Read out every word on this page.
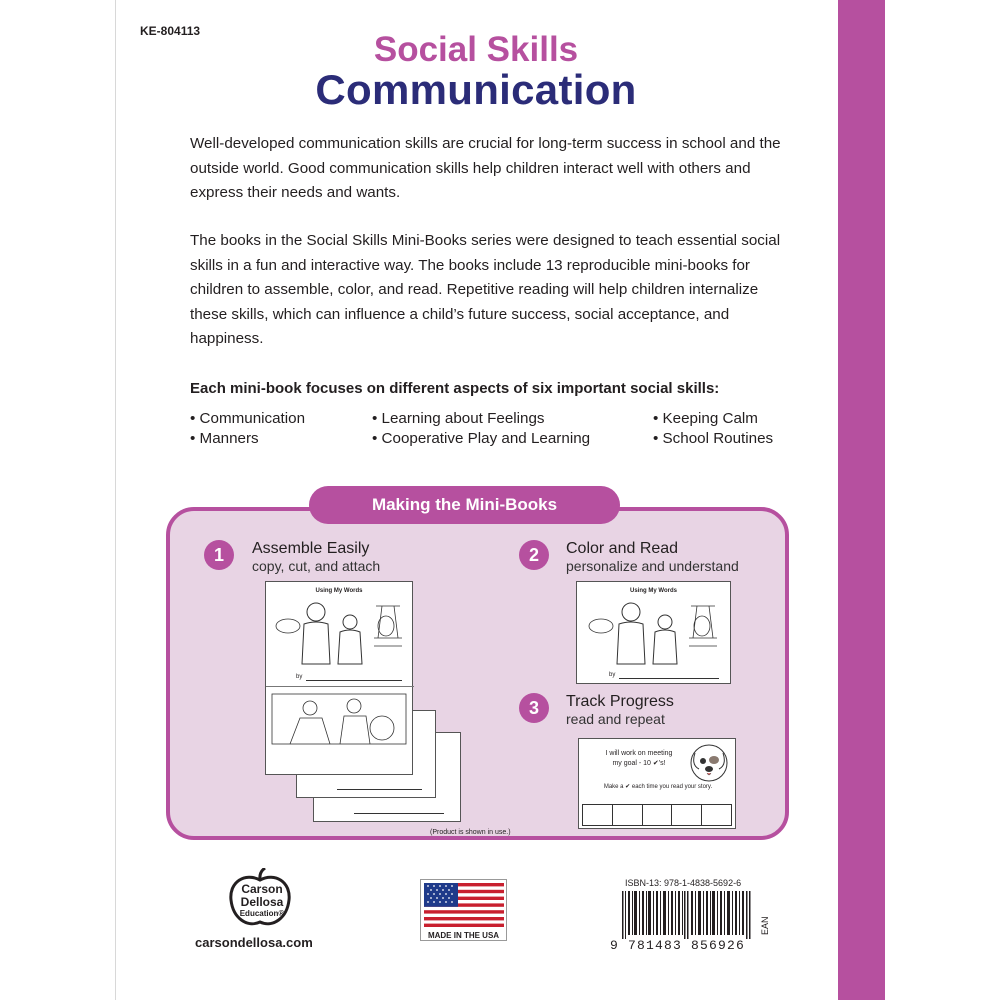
KE-804113	Social Skills
Communication

Well-developed communication skills are crucial for long-term success in school and the outside world. Good communication skills help children interact well with others and express their needs and wants.

The books in the Social Skills Mini-Books series were designed to teach essential social skills in a fun and interactive way. The books include 13 reproducible mini-books for children to assemble, color, and read. Repetitive reading will help children internalize these skills, which can influence a child’s future success, social acceptance, and happiness.

Each mini-book focuses on different aspects of six important social skills:
• Communication	• Learning about Feelings	• Keeping Calm
• Manners	• Cooperative Play and Learning	• School Routines
Making the Mini-Books
1	Assemble Easily
copy, cut, and attach
Using My Words
by
2	Color and Read
personalize and understand
Using My Words
by
3	Track Progress
read and repeat
I will work on meeting
my goal - 10 ✔'s!
Make a ✔ each time you read your story.
(Product is shown in use.)
Carson
Dellosa
Education®
carsondellosa.com	MADE IN THE USA
ISBN-13: 978-1-4838-5692-6
9 781483 856926
EAN
